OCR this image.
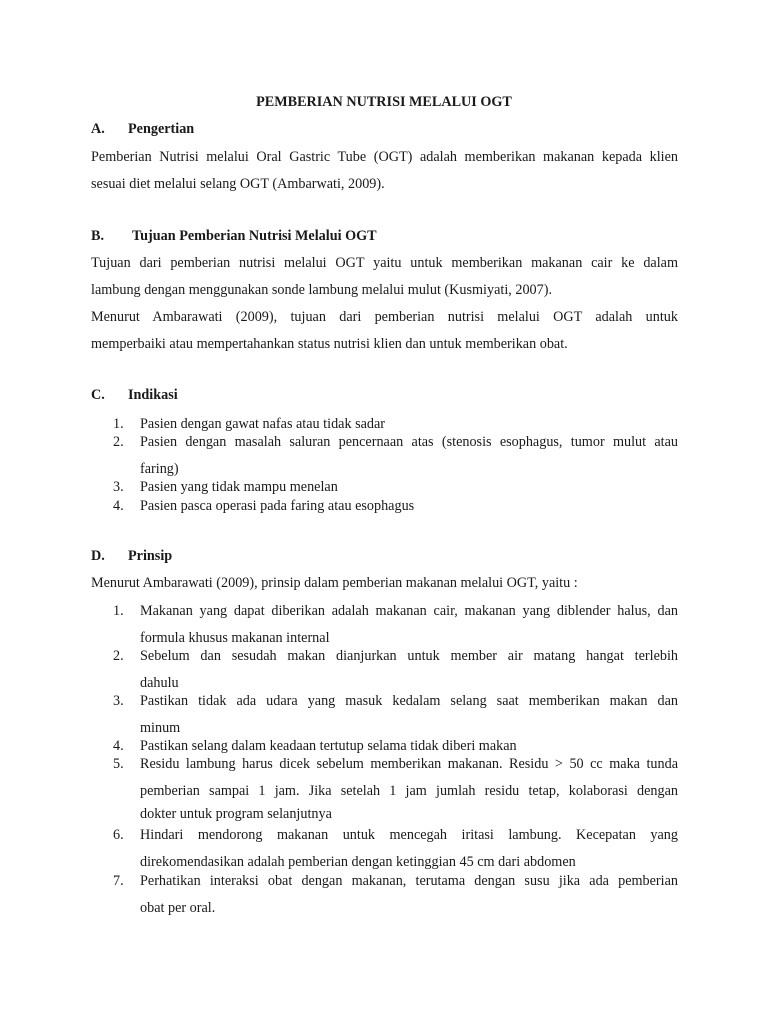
PEMBERIAN NUTRISI MELALUI OGT
A. Pengertian
Pemberian Nutrisi melalui Oral Gastric Tube (OGT) adalah memberikan makanan kepada klien
sesuai diet melalui selang OGT (Ambarwati, 2009).
B. Tujuan Pemberian Nutrisi Melalui OGT
Tujuan dari pemberian nutrisi melalui OGT yaitu untuk memberikan makanan cair ke dalam
lambung dengan menggunakan sonde lambung melalui mulut (Kusmiyati, 2007).
Menurut Ambarawati (2009), tujuan dari pemberian nutrisi melalui OGT adalah untuk
memperbaiki atau mempertahankan status nutrisi klien dan untuk memberikan obat.
C. Indikasi
1. Pasien dengan gawat nafas atau tidak sadar
2. Pasien dengan masalah saluran pencernaan atas (stenosis esophagus, tumor mulut atau
faring)
3. Pasien yang tidak mampu menelan
4. Pasien pasca operasi pada faring atau esophagus
D. Prinsip
Menurut Ambarawati (2009), prinsip dalam pemberian makanan melalui OGT, yaitu :
1. Makanan yang dapat diberikan adalah makanan cair, makanan yang diblender halus, dan
formula khusus makanan internal
2. Sebelum dan sesudah makan dianjurkan untuk member air matang hangat terlebih
dahulu
3. Pastikan tidak ada udara yang masuk kedalam selang saat memberikan makan dan
minum
4. Pastikan selang dalam keadaan tertutup selama tidak diberi makan
5. Residu lambung harus dicek sebelum memberikan makanan. Residu > 50 cc maka tunda
pemberian sampai 1 jam. Jika setelah 1 jam jumlah residu tetap, kolaborasi dengan
dokter untuk program selanjutnya
6. Hindari mendorong makanan untuk mencegah iritasi lambung. Kecepatan yang
direkomendasikan adalah pemberian dengan ketinggian 45 cm dari abdomen
7. Perhatikan interaksi obat dengan makanan, terutama dengan susu jika ada pemberian
obat per oral.
